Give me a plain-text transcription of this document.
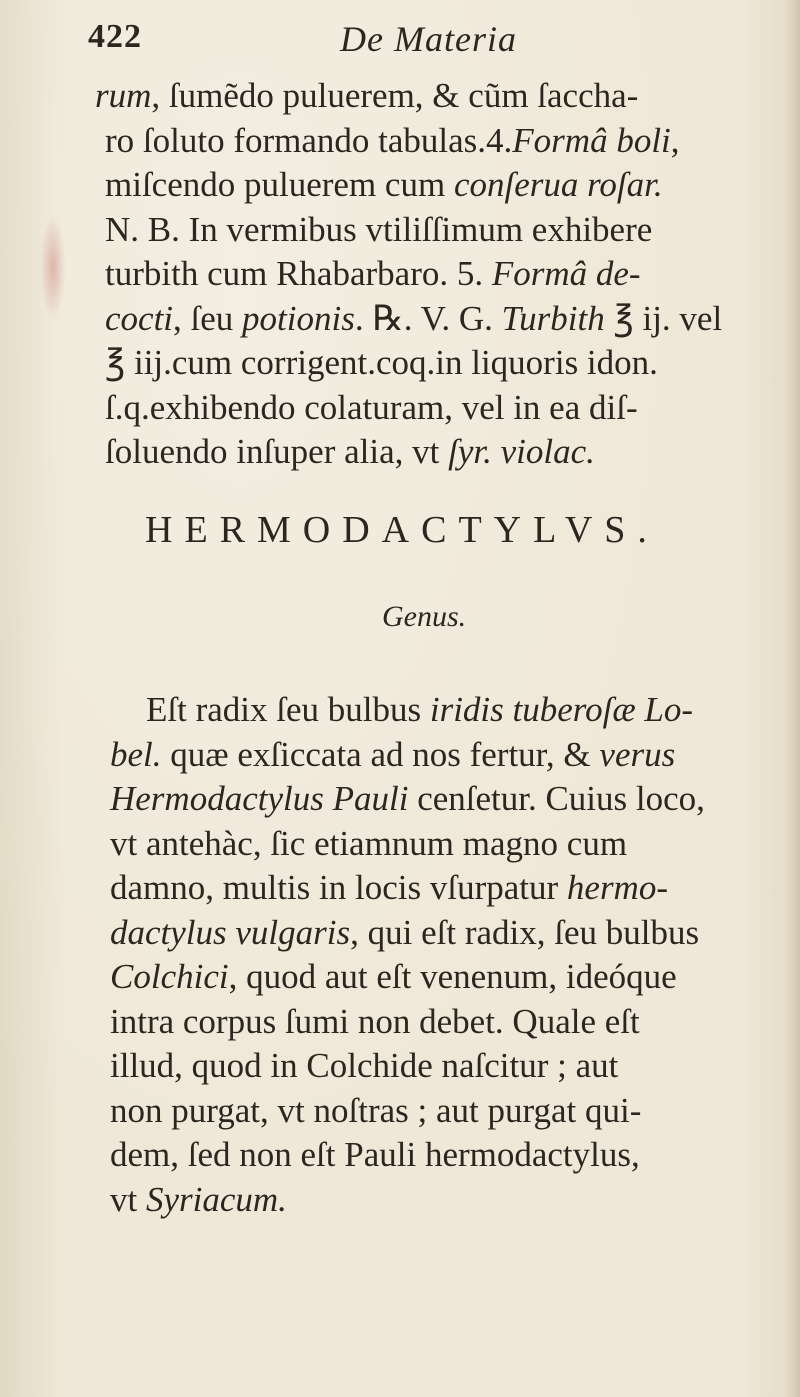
422	De Materia
rum, ſumẽdo puluerem, & cũm ſaccha-
ro ſoluto formando tabulas.4.Formâ boli,
miſcendo puluerem cum conſerua roſar.
N. B. In vermibus vtiliſſimum exhibere
turbith cum Rhabarbaro. 5. Formâ de-
cocti, ſeu potionis. ℞. V. G. Turbith ℥ ij. vel
℥ iij.cum corrigent.coq.in liquoris idon.
ſ.q.exhibendo colaturam, vel in ea diſ-
ſoluendo inſuper alia, vt ſyr. violac.
HERMODACTYLVS.
Genus.
Eſt radix ſeu bulbus iridis tuberoſæ Lo-
bel. quæ exſiccata ad nos fertur, & verus
Hermodactylus Pauli cenſetur. Cuius loco,
vt antehàc, ſic etiamnum magno cum
damno, multis in locis vſurpatur hermo-
dactylus vulgaris, qui eſt radix, ſeu bulbus
Colchici, quod aut eſt venenum, ideóque
intra corpus ſumi non debet. Quale eſt
illud, quod in Colchide naſcitur ; aut
non purgat, vt noſtras ; aut purgat qui-
dem, ſed non eſt Pauli hermodactylus,
vt Syriacum.
